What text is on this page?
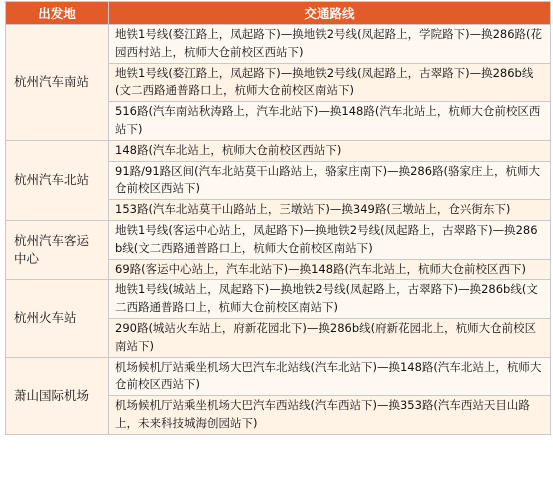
出发地	交通路线
杭州汽车南站	地铁1号线(婺江路上，凤起路下)—换地铁2号线(凤起路上，学院路下)—换286路(花园西村站上，杭师大仓前校区西站下)
	地铁1号线(婺江路上，凤起路下)—换地铁2号线(凤起路上，古翠路下)—换286b线(文二西路通普路口上，杭师大仓前校区南站下)
	516路(汽车南站秋涛路上，汽车北站下)—换148路(汽车北站上，杭师大仓前校区西站下)
杭州汽车北站	148路(汽车北站上，杭师大仓前校区西站下)
	91路/91路区间(汽车北站莫干山路站上，骆家庄南下)—换286路(骆家庄上，杭师大仓前校区西站下)
	153路(汽车北站莫干山路站上，三墩站下)—换349路(三墩站上，仓兴街东下)
杭州汽车客运中心	地铁1号线(客运中心站上，凤起路下)—换地铁2号线(凤起路上，古翠路下)—换286 b线(文二西路通普路口上，杭师大仓前校区南站下)
	69路(客运中心站上，汽车北站下)—换148路(汽车北站上，杭师大仓前校区西下)
杭州火车站	地铁1号线(城站上，凤起路下)—换地铁2号线(凤起路上，古翠路下)—换286b线(文二西路通普路口上，杭师大仓前校区南站下)
	290路(城站火车站上，府新花园北下)—换286b线(府新花园北上，杭师大仓前校区南站下)
萧山国际机场	机场候机厅站乘坐机场大巴汽车北站线(汽车北站下)—换148路(汽车北站上，杭师大仓前校区西站下)
	机场候机厅站乘坐机场大巴汽车西站线(汽车西站下)—换353路(汽车西站天目山路上，未来科技城海创园站下)
